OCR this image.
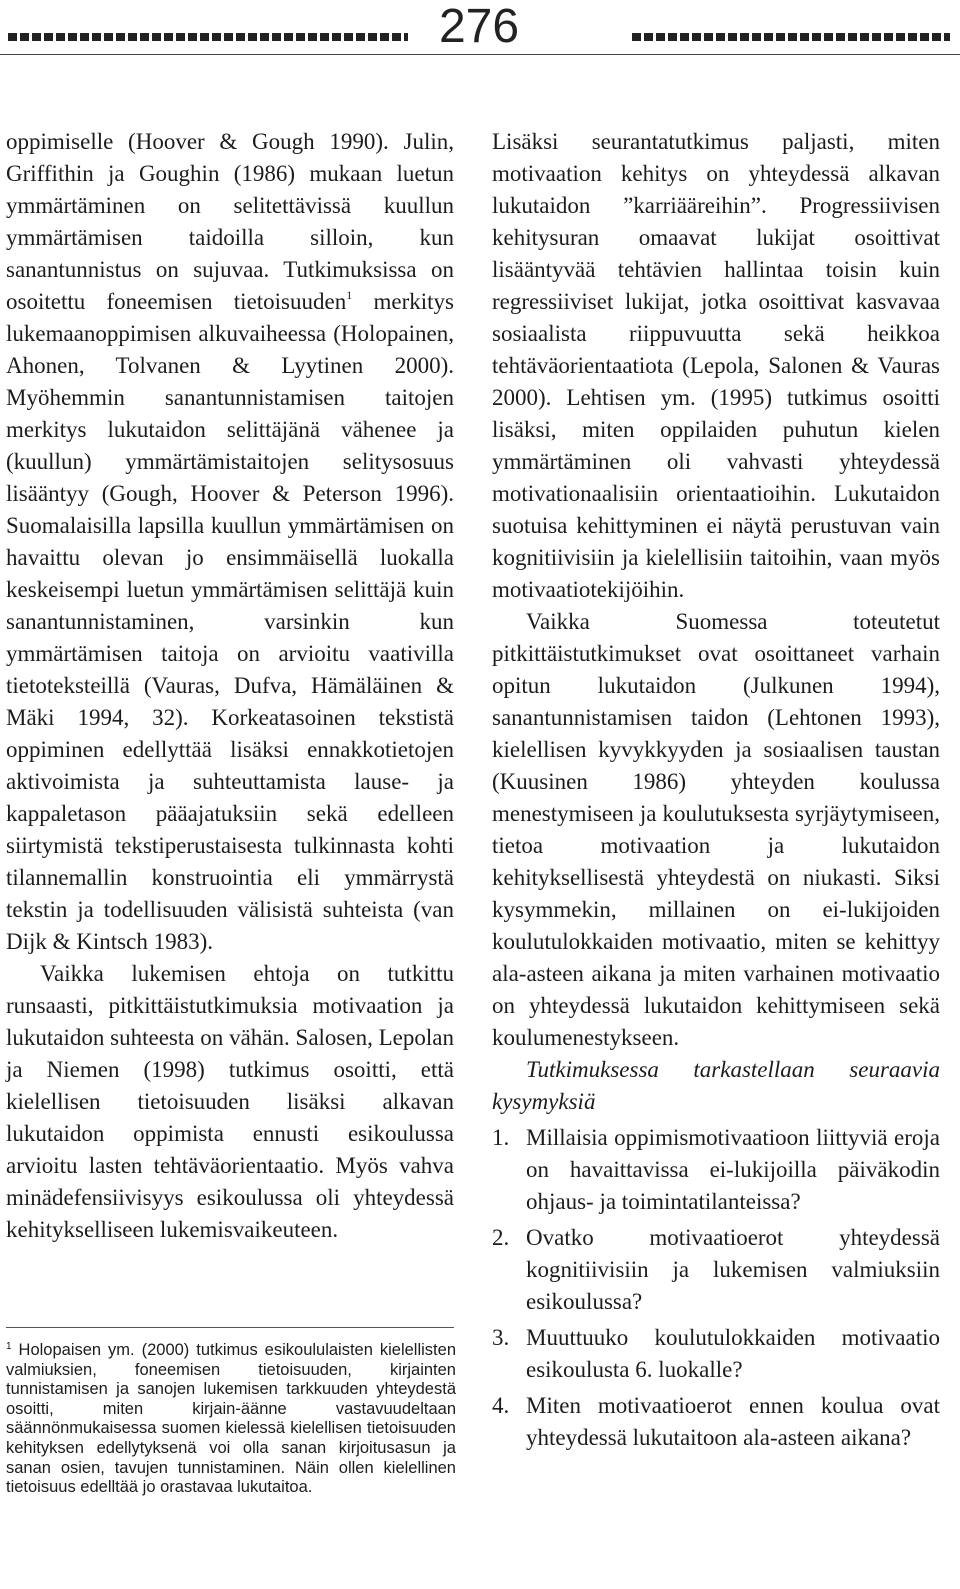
276

oppimiselle (Hoover & Gough 1990). Julin, Griffithin ja Goughin (1986) mukaan luetun ymmärtäminen on selitettävissä kuullun ymmärtämisen taidoilla silloin, kun sanantunnistus on sujuvaa. Tutkimuksissa on osoitettu foneemisen tietoisuuden$^1$ merkitys lukemaanoppimisen alkuvaiheessa (Holopainen, Ahonen, Tolvanen & Lyytinen 2000). Myöhemmin sanantunnistamisen taitojen merkitys lukutaidon selittäjänä vähenee ja (kuullun) ymmärtämistaitojen selitysosuus lisääntyy (Gough, Hoover & Peterson 1996). Suomalaisilla lapsilla kuullun ymmärtämisen on havaittu olevan jo ensimmäisellä luokalla keskeisempi luetun ymmärtämisen selittäjä kuin sanantunnistaminen, varsinkin kun ymmärtämisen taitoja on arvioitu vaativilla tietoteksteillä (Vauras, Dufva, Hämäläinen & Mäki 1994, 32). Korkeatasoinen tekstistä oppiminen edellyttää lisäksi ennakkotietojen aktivoimista ja suhteuttamista lause- ja kappaletason pääajatuksiin sekä edelleen siirtymistä tekstiperustaisesta tulkinnasta kohti tilannemallin konstruointia eli ymmärrystä tekstin ja todellisuuden välisistä suhteista (van Dijk & Kintsch 1983).

Vaikka lukemisen ehtoja on tutkittu runsaasti, pitkittäistutkimuksia motivaation ja lukutaidon suhteesta on vähän. Salosen, Lepolan ja Niemen (1998) tutkimus osoitti, että kielellisen tietoisuuden lisäksi alkavan lukutaidon oppimista ennusti esikoulussa arvioitu lasten tehtäväorientaatio. Myös vahva minädefensiivisyys esikoulussa oli yhteydessä kehitykselliseen lukemisvaikeuteen.

Lisäksi seurantatutkimus paljasti, miten motivaation kehitys on yhteydessä alkavan lukutaidon ”karriääreihin”. Progressiivisen kehitysuran omaavat lukijat osoittivat lisääntyvää tehtävien hallintaa toisin kuin regressiiviset lukijat, jotka osoittivat kasvavaa sosiaalista riippuvuutta sekä heikkoa tehtäväorientaatiota (Lepola, Salonen & Vauras 2000). Lehtisen ym. (1995) tutkimus osoitti lisäksi, miten oppilaiden puhutun kielen ymmärtäminen oli vahvasti yhteydessä motivationaalisiin orientaatioihin. Lukutaidon suotuisa kehittyminen ei näytä perustuvan vain kognitiivisiin ja kielellisiin taitoihin, vaan myös motivaatiotekijöihin.

Vaikka Suomessa toteutetut pitkittäistutkimukset ovat osoittaneet varhain opitun lukutaidon (Julkunen 1994), sanantunnistamisen taidon (Lehtonen 1993), kielellisen kyvykkyyden ja sosiaalisen taustan (Kuusinen 1986) yhteyden koulussa menestymiseen ja koulutuksesta syrjäytymiseen, tietoa motivaation ja lukutaidon kehityksellisestä yhteydestä on niukasti. Siksi kysymmekin, millainen on ei-lukijoiden koulutulokkaiden motivaatio, miten se kehittyy ala-asteen aikana ja miten varhainen motivaatio on yhteydessä lukutaidon kehittymiseen sekä koulumenestykseen.

Tutkimuksessa tarkastellaan seuraavia kysymyksiä

1. Millaisia oppimismotivaatioon liittyviä eroja on havaittavissa ei-lukijoilla päiväkodin ohjaus- ja toimintatilanteissa?
2. Ovatko motivaatioerot yhteydessä kognitiivisiin ja lukemisen valmiuksiin esikoulussa?
3. Muuttuuko koulutulokkaiden motivaatio esikoulusta 6. luokalle?
4. Miten motivaatioerot ennen koulua ovat yhteydessä lukutaitoon ala-asteen aikana?
$^1$ Holopaisen ym. (2000) tutkimus esikoululaisten kielellisten valmiuksien, foneemisen tietoisuuden, kirjainten tunnistamisen ja sanojen lukemisen tarkkuuden yhteydestä osoitti, miten kirjain-äänne vastavuudeltaan säännönmukaisessa suomen kielessä kielellisen tietoisuuden kehityksen edellytyksenä voi olla sanan kirjoitusasun ja sanan osien, tavujen tunnistaminen. Näin ollen kielellinen tietoisuus edelltää jo orastavaa lukutaitoa.
